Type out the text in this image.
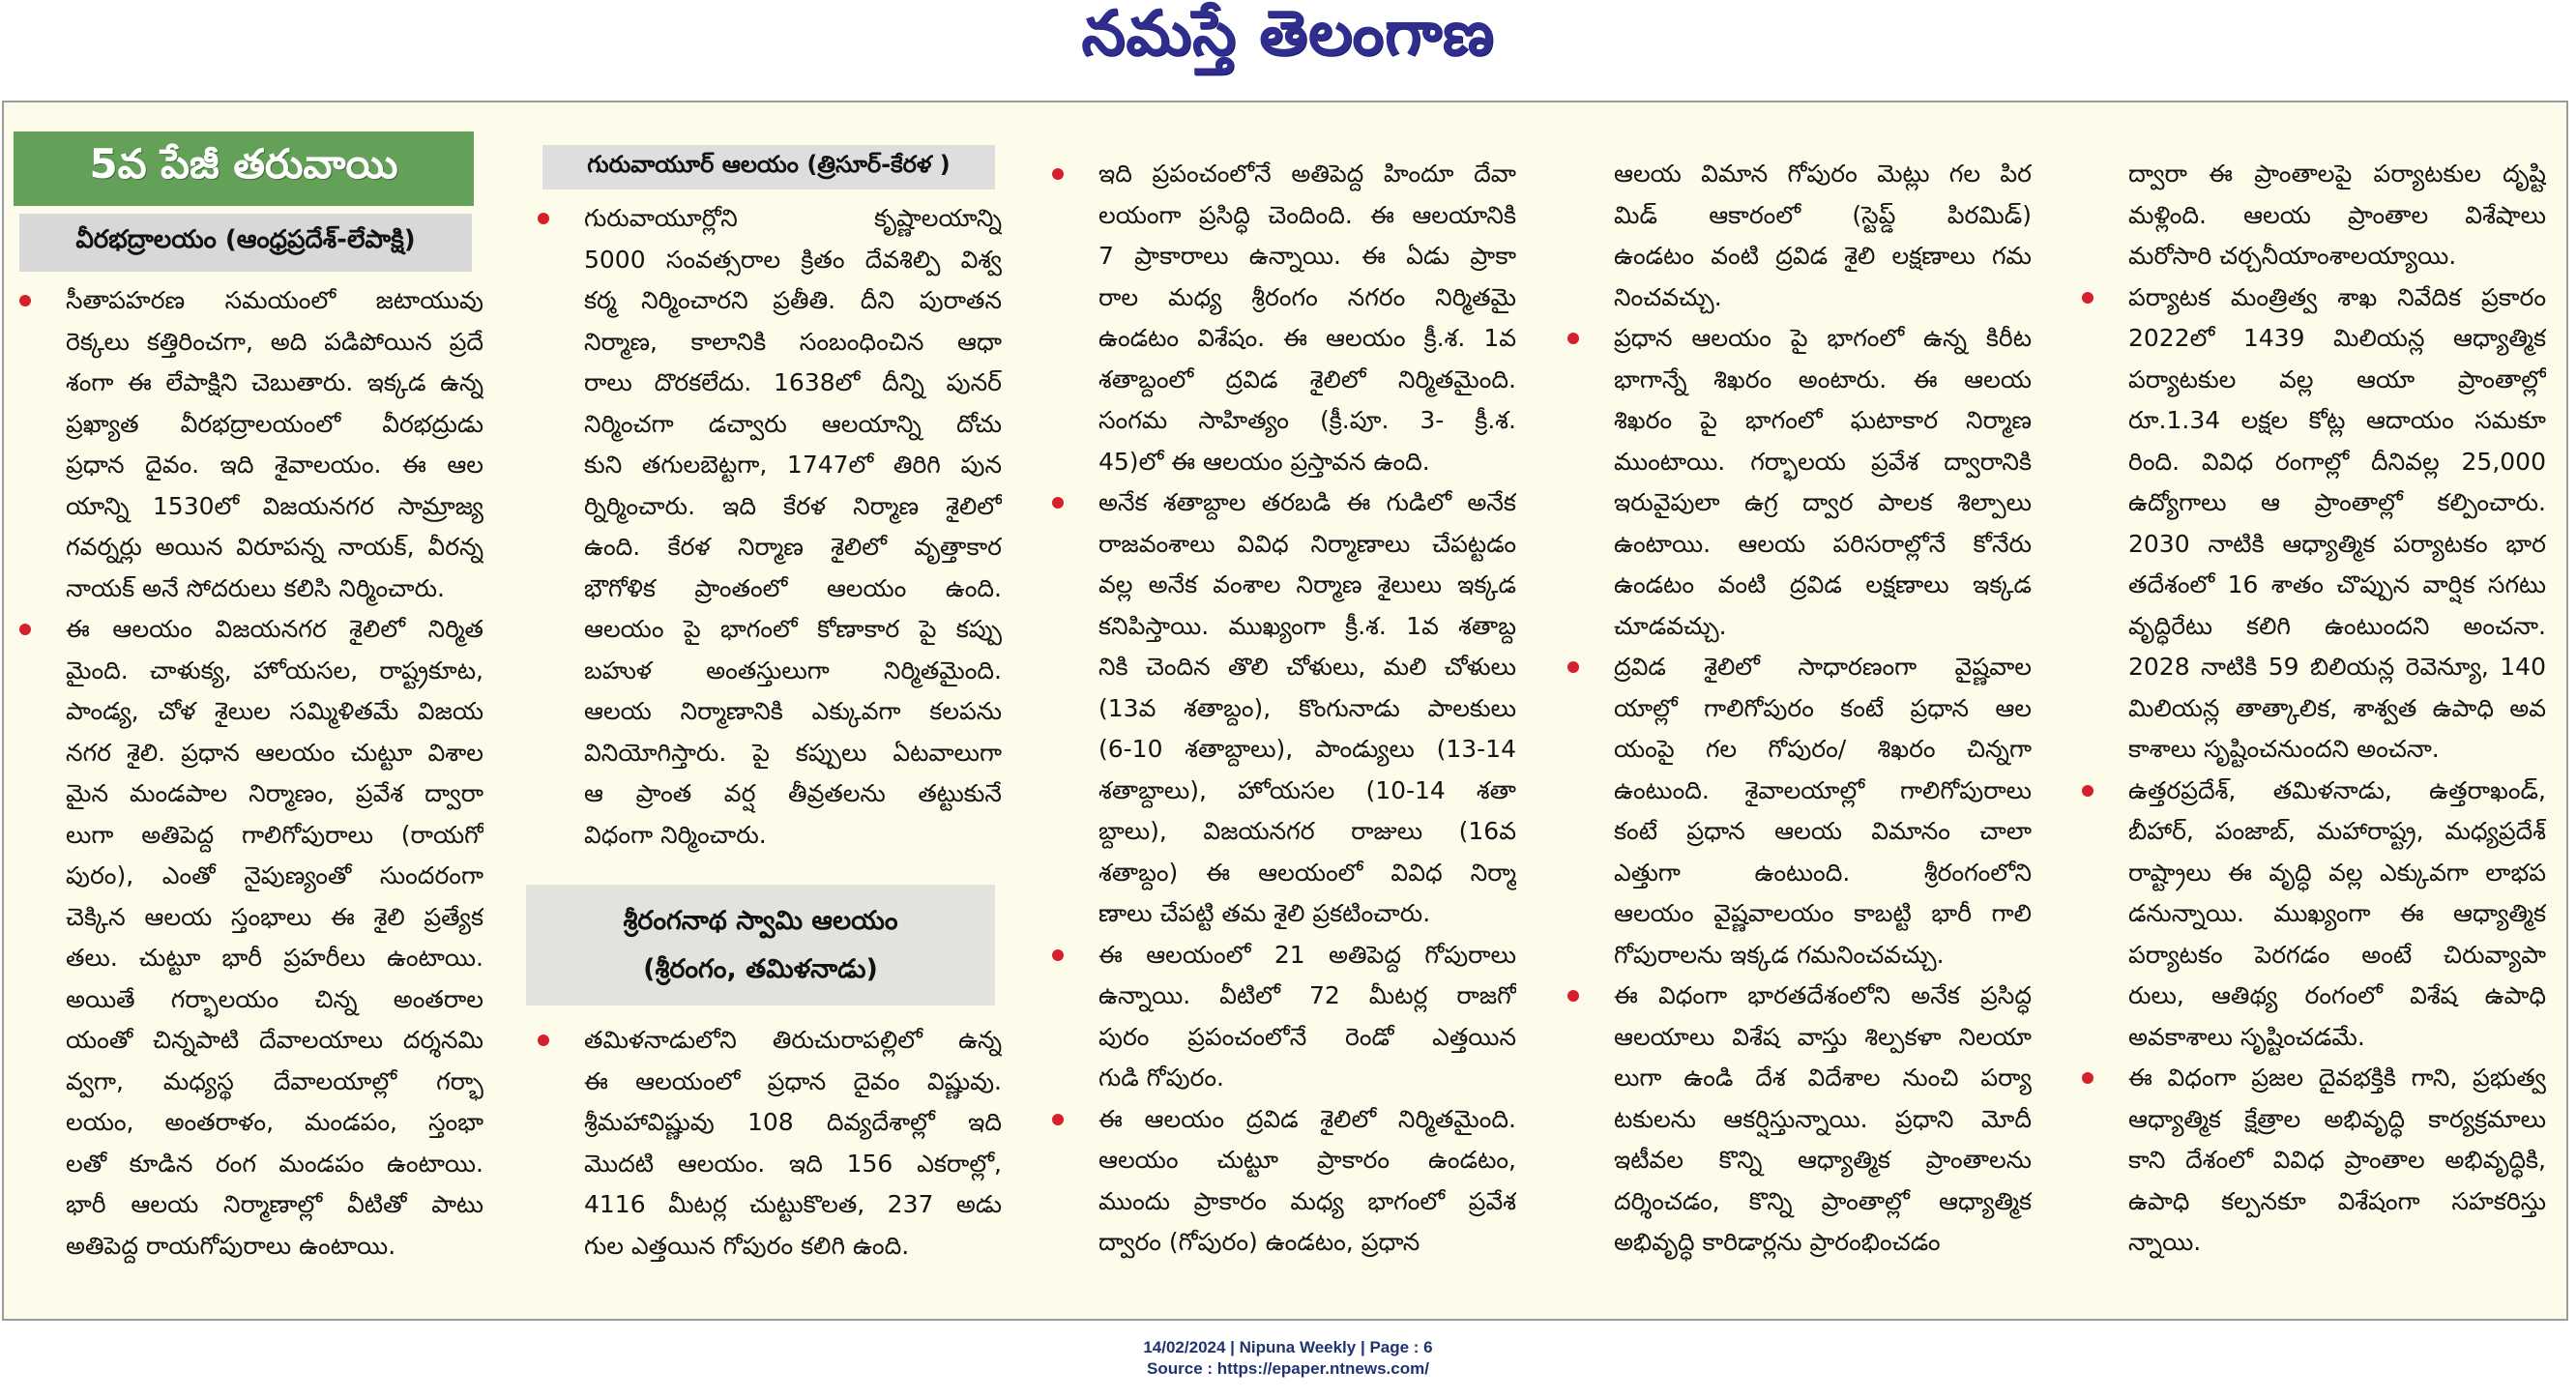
నమస్తే తెలంగాణ
5వ పేజీ తరువాయి
వీరభద్రాలయం (ఆంధ్రప్రదేశ్-లేపాక్షి)
సీతాపహరణ సమయంలో జటాయువు
రెక్కలు కత్తిరించగా, అది పడిపోయిన ప్రదే
శంగా ఈ లేపాక్షిని చెబుతారు. ఇక్కడ ఉన్న
ప్రఖ్యాత వీరభద్రాలయంలో వీరభద్రుడు
ప్రధాన దైవం. ఇది శైవాలయం. ఈ ఆల
యాన్ని 1530లో విజయనగర సామ్రాజ్య
గవర్నర్లు అయిన విరూపన్న నాయక్, వీరన్న
నాయక్ అనే సోదరులు కలిసి నిర్మించారు.
ఈ ఆలయం విజయనగర శైలిలో నిర్మిత
మైంది. చాళుక్య, హోయసల, రాష్ట్రకూట,
పాండ్య, చోళ శైలుల సమ్మిళితమే విజయ
నగర శైలి. ప్రధాన ఆలయం చుట్టూ విశాల
మైన మండపాల నిర్మాణం, ప్రవేశ ద్వారా
లుగా అతిపెద్ద గాలిగోపురాలు (రాయగో
పురం), ఎంతో నైపుణ్యంతో సుందరంగా
చెక్కిన ఆలయ స్తంభాలు ఈ శైలి ప్రత్యేక
తలు. చుట్టూ భారీ ప్రహరీలు ఉంటాయి.
అయితే గర్భాలయం చిన్న అంతరాల
యంతో చిన్నపాటి దేవాలయాలు దర్శనమి
వ్వగా, మధ్యస్థ దేవాలయాల్లో గర్భా
లయం, అంతరాళం, మండపం, స్తంభా
లతో కూడిన రంగ మండపం ఉంటాయి.
భారీ ఆలయ నిర్మాణాల్లో వీటితో పాటు
అతిపెద్ద రాయగోపురాలు ఉంటాయి.
గురువాయూర్ ఆలయం (త్రిసూర్-కేరళ )
గురువాయూర్లోని కృష్ణాలయాన్ని
5000 సంవత్సరాల క్రితం దేవశిల్పి విశ్వ
కర్మ నిర్మించారని ప్రతీతి. దీని పురాతన
నిర్మాణ, కాలానికి సంబంధించిన ఆధా
రాలు దొరకలేదు. 1638లో దీన్ని పునర్
నిర్మించగా డచ్వారు ఆలయాన్ని దోచు
కుని తగులబెట్టగా, 1747లో తిరిగి పున
ర్నిర్మించారు. ఇది కేరళ నిర్మాణ శైలిలో
ఉంది. కేరళ నిర్మాణ శైలిలో వృత్తాకార
భౌగోళిక ప్రాంతంలో ఆలయం ఉంది.
ఆలయం పై భాగంలో కోణాకార పై కప్పు
బహుళ అంతస్తులుగా నిర్మితమైంది.
ఆలయ నిర్మాణానికి ఎక్కువగా కలపను
వినియోగిస్తారు. పై కప్పులు ఏటవాలుగా
ఆ ప్రాంత వర్ష తీవ్రతలను తట్టుకునే
విధంగా నిర్మించారు.
శ్రీరంగనాథ స్వామి ఆలయం
(శ్రీరంగం, తమిళనాడు)
తమిళనాడులోని తిరుచురాపల్లిలో ఉన్న
ఈ ఆలయంలో ప్రధాన దైవం విష్ణువు.
శ్రీమహావిష్ణువు 108 దివ్యదేశాల్లో ఇది
మొదటి ఆలయం. ఇది 156 ఎకరాల్లో,
4116 మీటర్ల చుట్టుకొలత, 237 అడు
గుల ఎత్తయిన గోపురం కలిగి ఉంది.
ఇది ప్రపంచంలోనే అతిపెద్ద హిందూ దేవా
లయంగా ప్రసిద్ధి చెందింది. ఈ ఆలయానికి
7 ప్రాకారాలు ఉన్నాయి. ఈ ఏడు ప్రాకా
రాల మధ్య శ్రీరంగం నగరం నిర్మితమై
ఉండటం విశేషం. ఈ ఆలయం క్రీ.శ. 1వ
శతాబ్దంలో ద్రవిడ శైలిలో నిర్మితమైంది.
సంగమ సాహిత్యం (క్రీ.పూ. 3- క్రీ.శ.
45)లో ఈ ఆలయం ప్రస్తావన ఉంది.
అనేక శతాబ్దాల తరబడి ఈ గుడిలో అనేక
రాజవంశాలు వివిధ నిర్మాణాలు చేపట్టడం
వల్ల అనేక వంశాల నిర్మాణ శైలులు ఇక్కడ
కనిపిస్తాయి. ముఖ్యంగా క్రీ.శ. 1వ శతాబ్ద
నికి చెందిన తొలి చోళులు, మలి చోళులు
(13వ శతాబ్దం), కొంగునాడు పాలకులు
(6-10 శతాబ్దాలు), పాండ్యులు (13-14
శతాబ్దాలు), హోయసల (10-14 శతా
బ్దాలు), విజయనగర రాజులు (16వ
శతాబ్దం) ఈ ఆలయంలో వివిధ నిర్మా
ణాలు చేపట్టి తమ శైలి ప్రకటించారు.
ఈ ఆలయంలో 21 అతిపెద్ద గోపురాలు
ఉన్నాయి. వీటిలో 72 మీటర్ల రాజగో
పురం ప్రపంచంలోనే రెండో ఎత్తయిన
గుడి గోపురం.
ఈ ఆలయం ద్రవిడ శైలిలో నిర్మితమైంది.
ఆలయం చుట్టూ ప్రాకారం ఉండటం,
ముందు ప్రాకారం మధ్య భాగంలో ప్రవేశ
ద్వారం (గోపురం) ఉండటం, ప్రధాన
ఆలయ విమాన గోపురం మెట్లు గల పిర
మిడ్ ఆకారంలో (స్టెప్డ్ పిరమిడ్)
ఉండటం వంటి ద్రవిడ శైలి లక్షణాలు గమ
నించవచ్చు.
ప్రధాన ఆలయం పై భాగంలో ఉన్న కిరీట
భాగాన్నే శిఖరం అంటారు. ఈ ఆలయ
శిఖరం పై భాగంలో ఘటాకార నిర్మాణ
ముంటాయి. గర్భాలయ ప్రవేశ ద్వారానికి
ఇరువైపులా ఉగ్ర ద్వార పాలక శిల్పాలు
ఉంటాయి. ఆలయ పరిసరాల్లోనే కోనేరు
ఉండటం వంటి ద్రవిడ లక్షణాలు ఇక్కడ
చూడవచ్చు.
ద్రవిడ శైలిలో సాధారణంగా వైష్ణవాల
యాల్లో గాలిగోపురం కంటే ప్రధాన ఆల
యంపై గల గోపురం/ శిఖరం చిన్నగా
ఉంటుంది. శైవాలయాల్లో గాలిగోపురాలు
కంటే ప్రధాన ఆలయ విమానం చాలా
ఎత్తుగా ఉంటుంది. శ్రీరంగంలోని
ఆలయం వైష్ణవాలయం కాబట్టి భారీ గాలి
గోపురాలను ఇక్కడ గమనించవచ్చు.
ఈ విధంగా భారతదేశంలోని అనేక ప్రసిద్ధ
ఆలయాలు విశేష వాస్తు శిల్పకళా నిలయా
లుగా ఉండి దేశ విదేశాల నుంచి పర్యా
టకులను ఆకర్షిస్తున్నాయి. ప్రధాని మోదీ
ఇటీవల కొన్ని ఆధ్యాత్మిక ప్రాంతాలను
దర్శించడం, కొన్ని ప్రాంతాల్లో ఆధ్యాత్మిక
అభివృద్ధి కారిడార్లను ప్రారంభించడం
ద్వారా ఈ ప్రాంతాలపై పర్యాటకుల దృష్టి
మళ్లింది. ఆలయ ప్రాంతాల విశేషాలు
మరోసారి చర్చనీయాంశాలయ్యాయి.
పర్యాటక మంత్రిత్వ శాఖ నివేదిక ప్రకారం
2022లో 1439 మిలియన్ల ఆధ్యాత్మిక
పర్యాటకుల వల్ల ఆయా ప్రాంతాల్లో
రూ.1.34 లక్షల కోట్ల ఆదాయం సమకూ
రింది. వివిధ రంగాల్లో దీనివల్ల 25,000
ఉద్యోగాలు ఆ ప్రాంతాల్లో కల్పించారు.
2030 నాటికి ఆధ్యాత్మిక పర్యాటకం భార
తదేశంలో 16 శాతం చొప్పున వార్షిక సగటు
వృద్ధిరేటు కలిగి ఉంటుందని అంచనా.
2028 నాటికి 59 బిలియన్ల రెవెన్యూ, 140
మిలియన్ల తాత్కాలిక, శాశ్వత ఉపాధి అవ
కాశాలు సృష్టించనుందని అంచనా.
ఉత్తరప్రదేశ్, తమిళనాడు, ఉత్తరాఖండ్,
బీహార్, పంజాబ్, మహారాష్ట్ర, మధ్యప్రదేశ్
రాష్ట్రాలు ఈ వృద్ధి వల్ల ఎక్కువగా లాభప
డనున్నాయి. ముఖ్యంగా ఈ ఆధ్యాత్మిక
పర్యాటకం పెరగడం అంటే చిరువ్యాపా
రులు, ఆతిథ్య రంగంలో విశేష ఉపాధి
అవకాశాలు సృష్టించడమే.
ఈ విధంగా ప్రజల దైవభక్తికి గాని, ప్రభుత్వ
ఆధ్యాత్మిక క్షేత్రాల అభివృద్ధి కార్యక్రమాలు
కాని దేశంలో వివిధ ప్రాంతాల అభివృద్ధికి,
ఉపాధి కల్పనకూ విశేషంగా సహకరిస్తు
న్నాయి.
14/02/2024 | Nipuna Weekly | Page : 6
Source : https://epaper.ntnews.com/
